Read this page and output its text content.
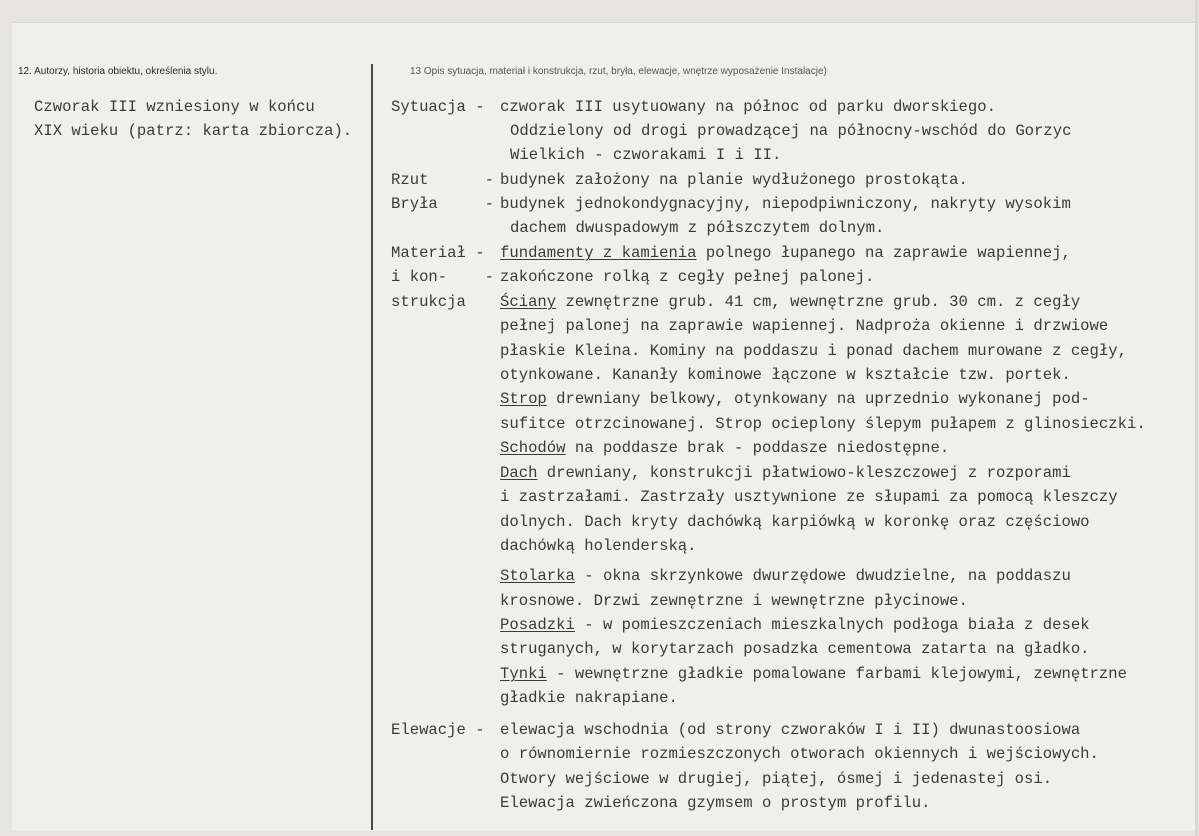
12. Autorzy, historia obiektu, określenia stylu.	13 Opis sytuacja, materiał i konstrukcja, rzut, bryła, elewacje, wnętrze wyposażenie Instalacje)
Czworak III wzniesiony w końcu
XIX wieku (patrz: karta zbiorcza).
Sytuacja -
Rzut      -
Bryła     -
Materiał -
i kon-    -
strukcja
Elewacje -
czworak III usytuowany na północ od parku dworskiego.
Oddzielony od drogi prowadzącej na północny-wschód do Gorzyc
Wielkich - czworakami I i II.
budynek założony na planie wydłużonego prostokąta.
budynek jednokondygnacyjny, niepodpiwniczony, nakryty wysokim
dachem dwuspadowym z półszczytem dolnym.
fundamenty z kamienia polnego łupanego na zaprawie wapiennej,
zakończone rolką z cegły pełnej palonej.
Ściany zewnętrzne grub. 41 cm, wewnętrzne grub. 30 cm. z cegły
pełnej palonej na zaprawie wapiennej. Nadproża okienne i drzwiowe
płaskie Kleina. Kominy na poddaszu i ponad dachem murowane z cegły,
otynkowane. Kananły kominowe łączone w kształcie tzw. portek.
Strop drewniany belkowy, otynkowany na uprzednio wykonanej pod-
sufitce otrzcinowanej. Strop ocieplony ślepym pułapem z glinosieczki.
Schodów na poddasze brak - poddasze niedostępne.
Dach drewniany, konstrukcji płatwiowo-kleszczowej z rozporami
i zastrzałami. Zastrzały usztywnione ze słupami za pomocą kleszczy
dolnych. Dach kryty dachówką karpiówką w koronkę oraz częściowo
dachówką holenderską.
Stolarka - okna skrzynkowe dwurzędowe dwudzielne, na poddaszu
krosnowe. Drzwi zewnętrzne i wewnętrzne płycinowe.
Posadzki - w pomieszczeniach mieszkalnych podłoga biała z desek
struganych, w korytarzach posadzka cementowa zatarta na gładko.
Tynki - wewnętrzne gładkie pomalowane farbami klejowymi, zewnętrzne
gładkie nakrapiane.
elewacja wschodnia (od strony czworaków I i II) dwunastoosiowa
o równomiernie rozmieszczonych otworach okiennych i wejściowych.
Otwory wejściowe w drugiej, piątej, ósmej i jedenastej osi.
Elewacja zwieńczona gzymsem o prostym profilu.
